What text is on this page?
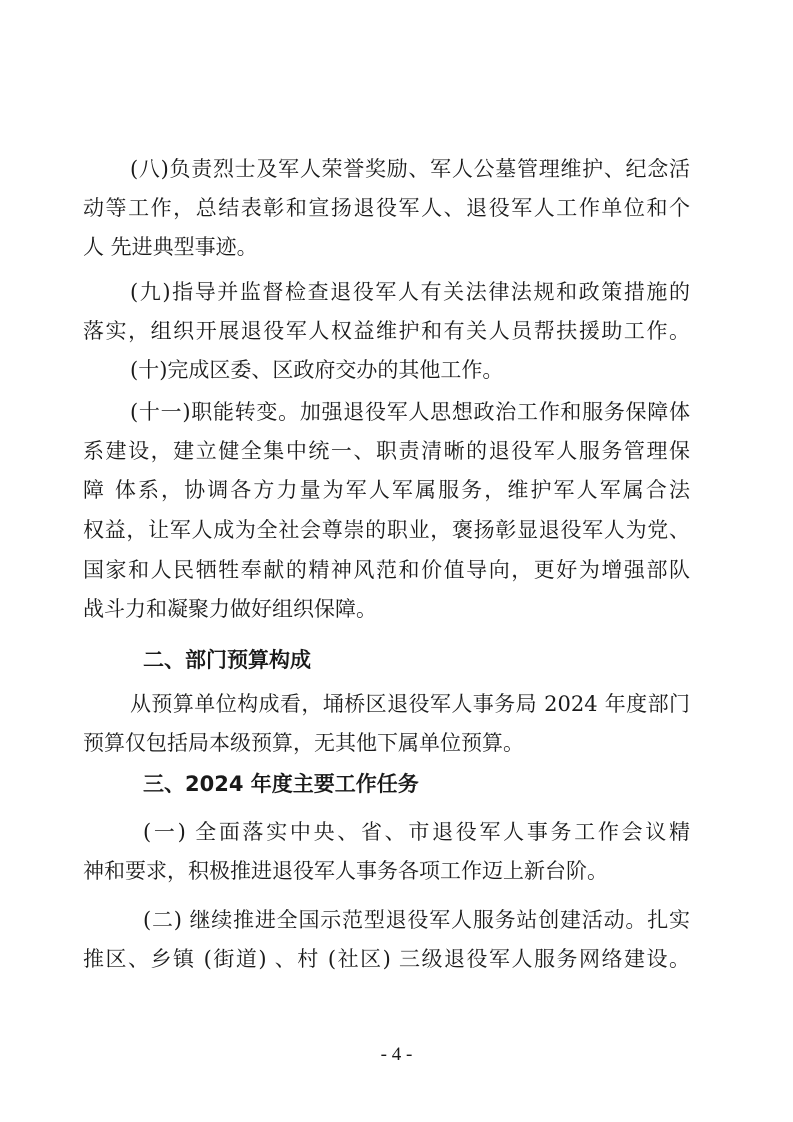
(八)负责烈士及军人荣誉奖励、军人公墓管理维护、纪念活
动等工作，总结表彰和宣扬退役军人、退役军人工作单位和个
人 先进典型事迹。
(九)指导并监督检查退役军人有关法律法规和政策措施的
落实，组织开展退役军人权益维护和有关人员帮扶援助工作。
(十)完成区委、区政府交办的其他工作。
(十一)职能转变。加强退役军人思想政治工作和服务保障体
系建设，建立健全集中统一、职责清晰的退役军人服务管理保
障 体系，协调各方力量为军人军属服务，维护军人军属合法
权益，让军人成为全社会尊崇的职业，褒扬彰显退役军人为党、
国家和人民牺牲奉献的精神风范和价值导向，更好为增强部队
战斗力和凝聚力做好组织保障。
二、部门预算构成
从预算单位构成看，埇桥区退役军人事务局 2024 年度部门
预算仅包括局本级预算，无其他下属单位预算。
三、2024 年度主要工作任务
(一) 全面落实中央、省、市退役军人事务工作会议精
神和要求，积极推进退役军人事务各项工作迈上新台阶。
(二) 继续推进全国示范型退役军人服务站创建活动。扎实
推区、乡镇 (街道) 、村 (社区) 三级退役军人服务网络建设。
- 4 -
